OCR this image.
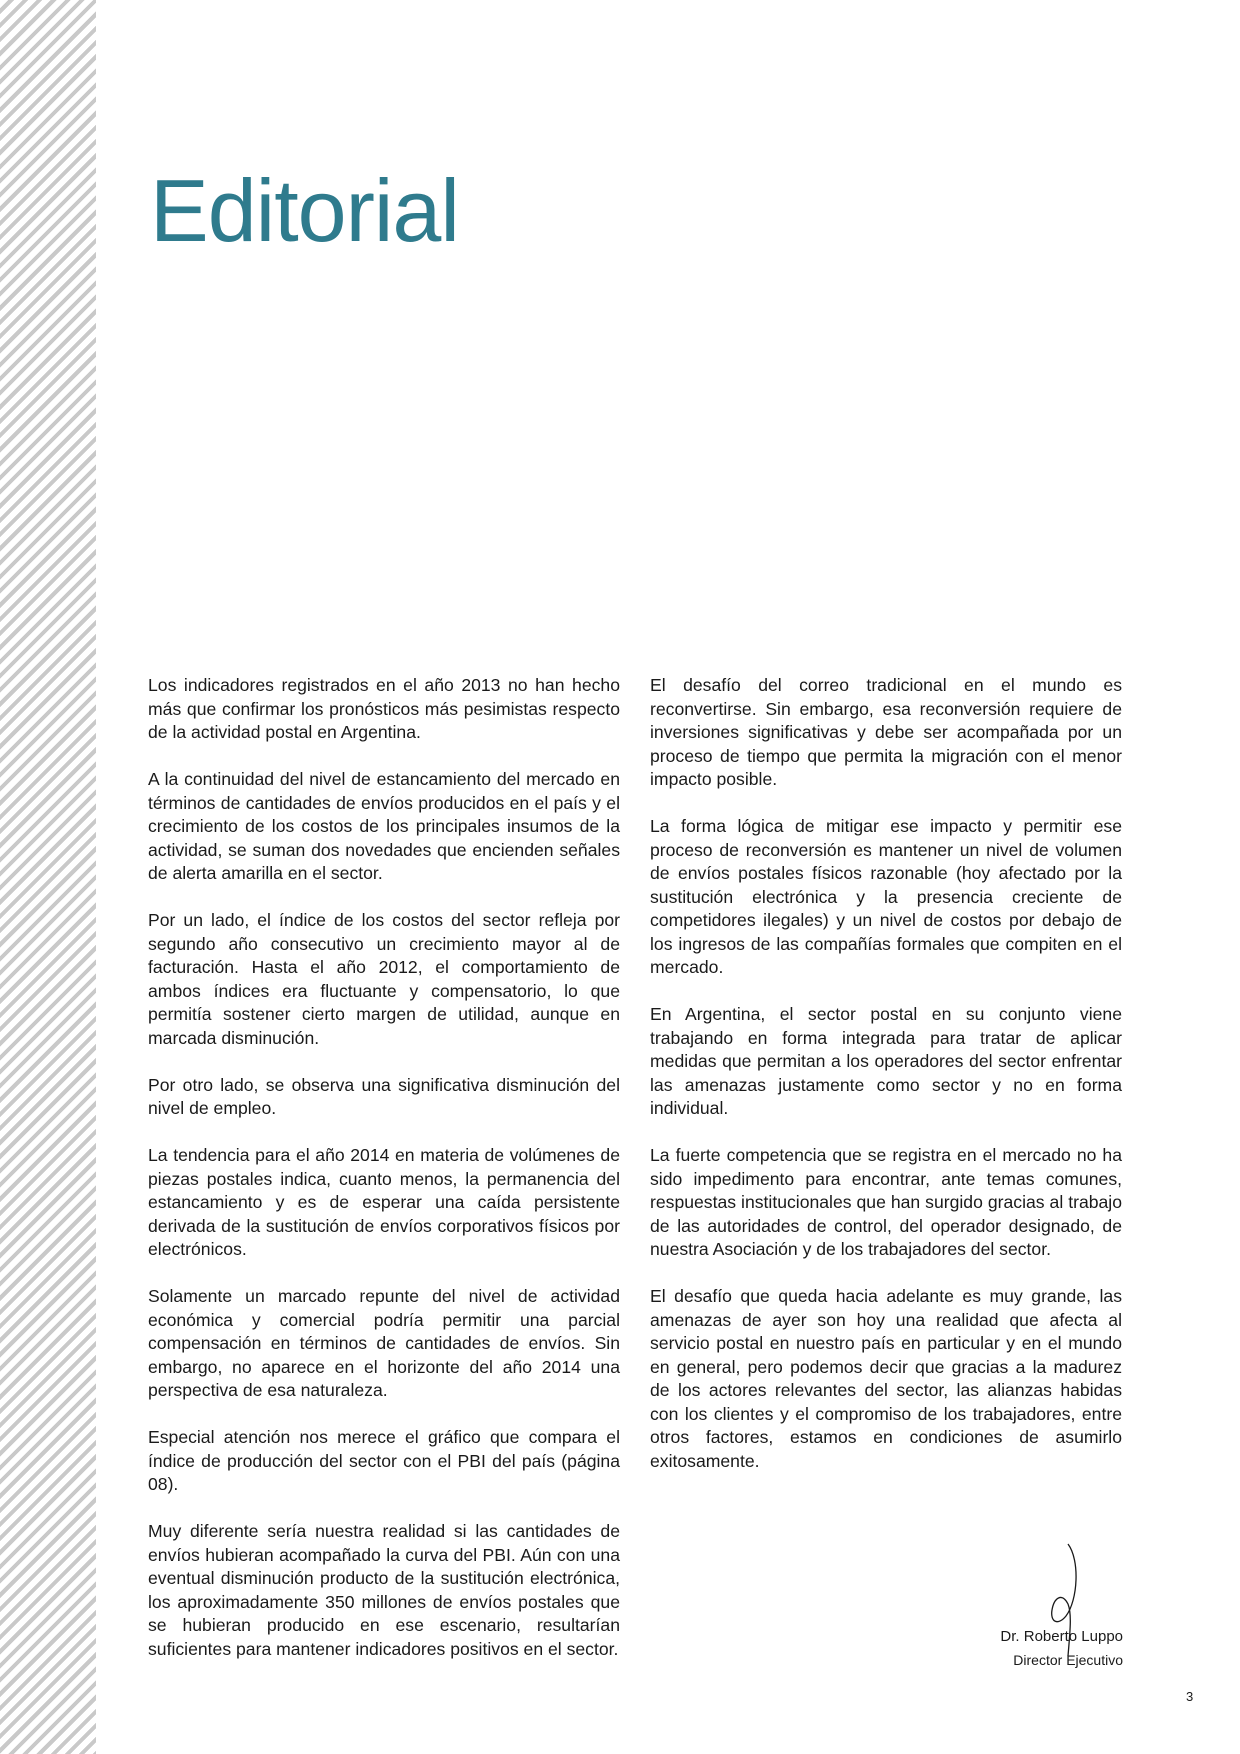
Editorial

Los indicadores registrados en el año 2013 no han hecho más que confirmar los pronósticos más pesimistas respecto de la actividad postal en Argentina.

A la continuidad del nivel de estancamiento del mercado en términos de cantidades de envíos producidos en el país y el crecimiento de los costos de los principales insumos de la actividad, se suman dos novedades que encienden señales de alerta amarilla en el sector.

Por un lado, el índice de los costos del sector refleja por segundo año consecutivo un crecimiento mayor al de facturación. Hasta el año 2012, el comportamiento de ambos índices era fluctuante y compensatorio, lo que permitía sostener cierto margen de utilidad, aunque en marcada disminución.

Por otro lado, se observa una significativa disminución del nivel de empleo.

La tendencia para el año 2014 en materia de volúmenes de piezas postales indica, cuanto menos, la permanencia del estancamiento y es de esperar una caída persistente derivada de la sustitución de envíos corporativos físicos por electrónicos.

Solamente un marcado repunte del nivel de actividad económica y comercial podría permitir una parcial compensación en términos de cantidades de envíos. Sin embargo, no aparece en el horizonte del año 2014 una perspectiva de esa naturaleza.

Especial atención nos merece el gráfico que compara el índice de producción del sector con el PBI del país (página 08).

Muy diferente sería nuestra realidad si las cantidades de envíos hubieran acompañado la curva del PBI. Aún con una eventual disminución producto de la sustitución electrónica, los aproximadamente 350 millones de envíos postales que se hubieran producido en ese escenario, resultarían suficientes para mantener indicadores positivos en el sector.

El desafío del correo tradicional en el mundo es reconvertirse. Sin embargo, esa reconversión requiere de inversiones significativas y debe ser acompañada por un proceso de tiempo que permita la migración con el menor impacto posible.

La forma lógica de mitigar ese impacto y permitir ese proceso de reconversión es mantener un nivel de volumen de envíos postales físicos razonable (hoy afectado por la sustitución electrónica y la presencia creciente de competidores ilegales) y un nivel de costos por debajo de los ingresos de las compañías formales que compiten en el mercado.

En Argentina, el sector postal en su conjunto viene trabajando en forma integrada para tratar de aplicar medidas que permitan a los operadores del sector enfrentar las amenazas justamente como sector y no en forma individual.

La fuerte competencia que se registra en el mercado no ha sido impedimento para encontrar, ante temas comunes, respuestas institucionales que han surgido gracias al trabajo de las autoridades de control, del operador designado, de nuestra Asociación y de los trabajadores del sector.

El desafío que queda hacia adelante es muy grande, las amenazas de ayer son hoy una realidad que afecta al servicio postal en nuestro país en particular y en el mundo en general, pero podemos decir que gracias a la madurez de los actores relevantes del sector, las alianzas habidas con los clientes y el compromiso de los trabajadores, entre otros factores, estamos en condiciones de asumirlo exitosamente.

Dr. Roberto Luppo
Director Ejecutivo
3
